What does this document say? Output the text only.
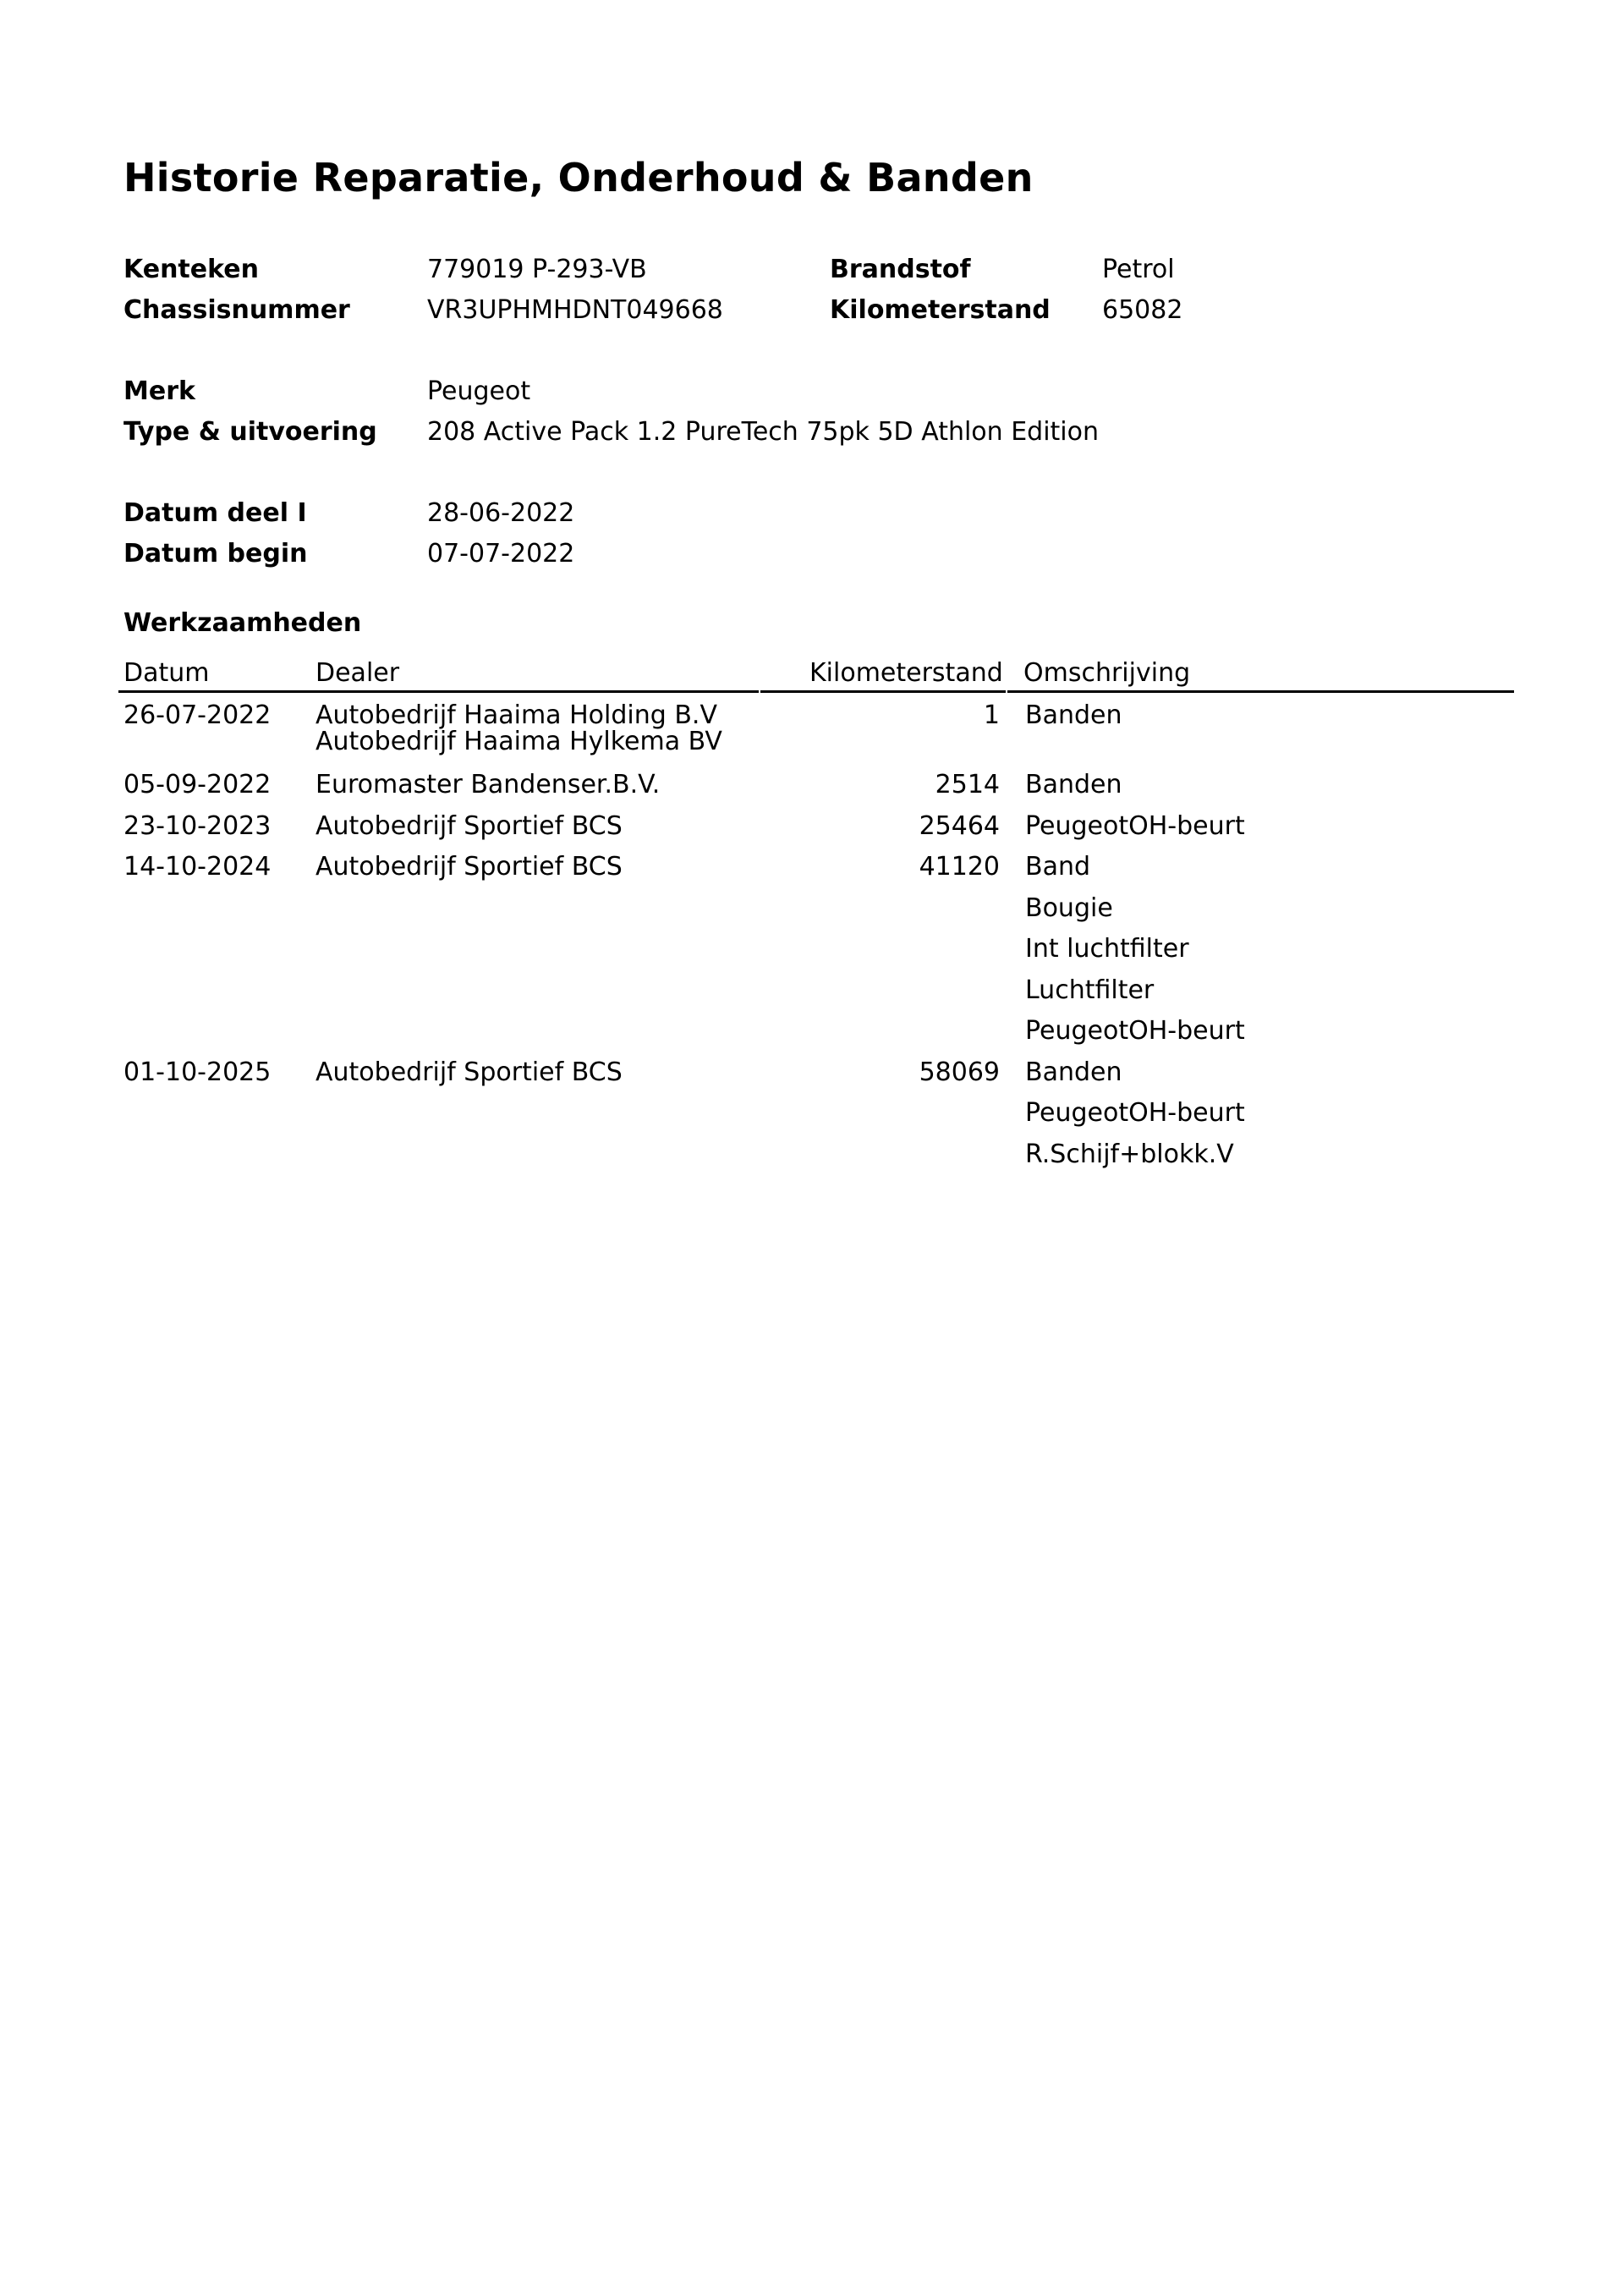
Historie Reparatie, Onderhoud & Banden
Kenteken	779019 P-293-VB	Brandstof	Petrol
Chassisnummer	VR3UPHMHDNT049668	Kilometerstand 65082
Merk	Peugeot
Type & uitvoering 208 Active Pack 1.2 PureTech 75pk 5D Athlon Edition
Datum deel I	28-06-2022
Datum begin	07-07-2022
Werkzaamheden
Datum	Dealer	Kilometerstand Omschrijving
26-07-2022 Autobedrijf Haaima Holding B.V	1
Autobedrijf Haaima Hylkema BV
Banden
05-09-2022 Euromaster Bandenser.B.V.	2514 Banden
23-10-2023 Autobedrijf Sportief BCS	25464 PeugeotOH-beurt
14-10-2024 Autobedrijf Sportief BCS	41120 Band
Bougie
Int luchtfilter
Luchtfilter
PeugeotOH-beurt
01-10-2025 Autobedrijf Sportief BCS	58069 Banden
PeugeotOH-beurt
R.Schijf+blokk.V
